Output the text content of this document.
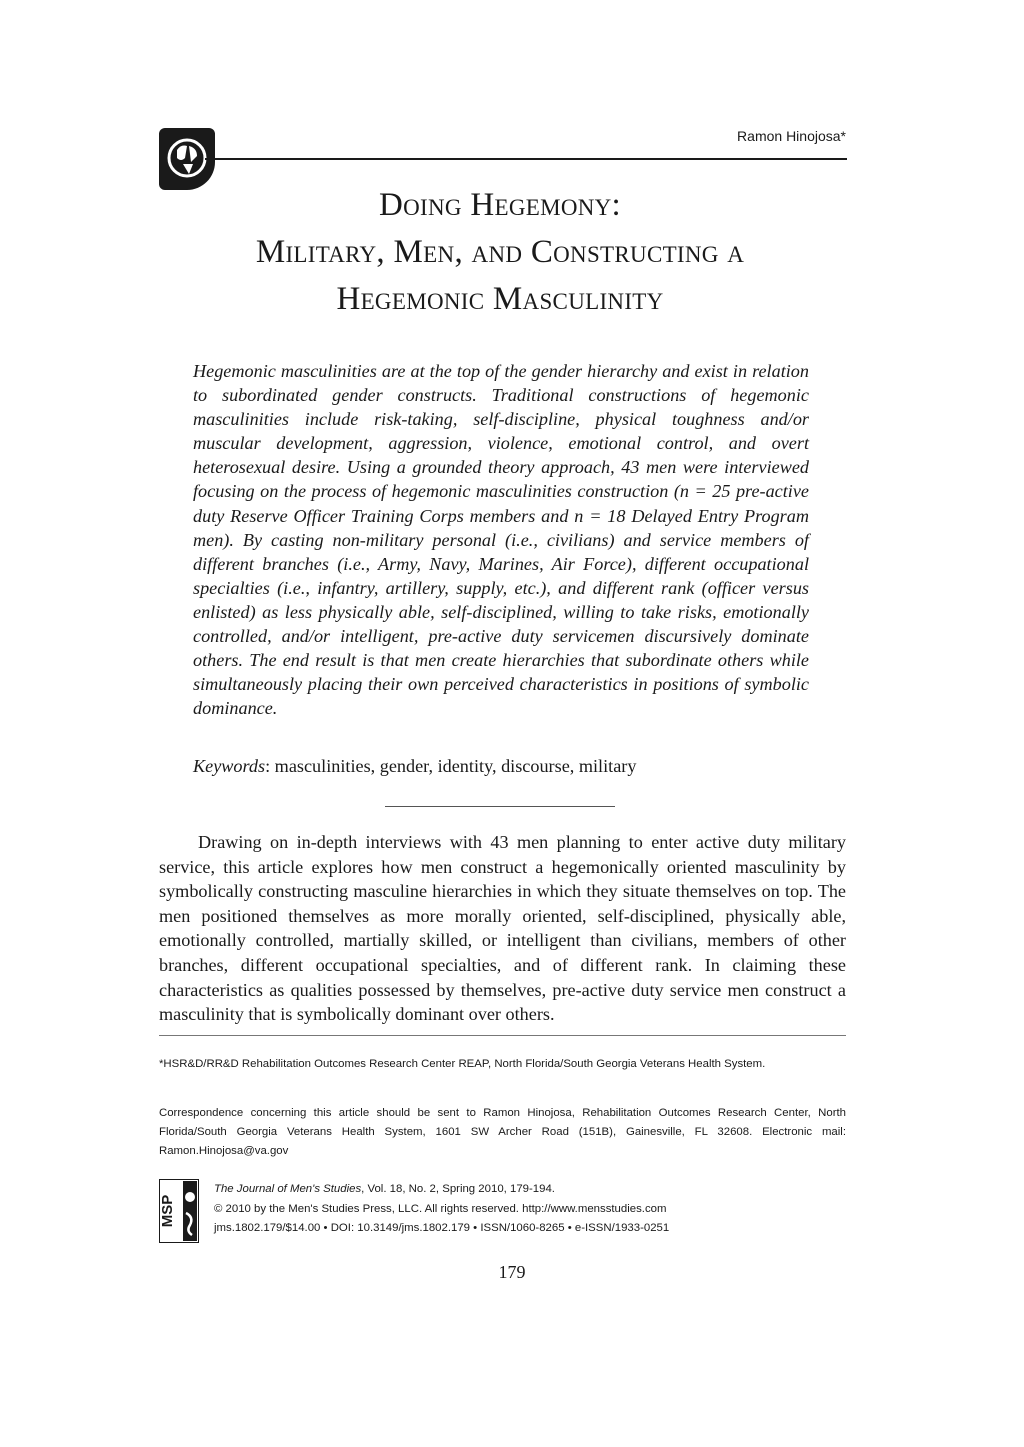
Ramon Hinojosa*
Doing Hegemony:
Military, Men, and Constructing a
Hegemonic Masculinity
Hegemonic masculinities are at the top of the gender hierarchy and exist in relation to subordinated gender constructs. Traditional constructions of hegemonic masculinities include risk-taking, self-discipline, physical toughness and/or muscular development, aggression, violence, emotional control, and overt heterosexual desire. Using a grounded theory approach, 43 men were interviewed focusing on the process of hegemonic masculinities construction (n = 25 pre-active duty Reserve Officer Training Corps members and n = 18 Delayed Entry Program men). By casting non-military personal (i.e., civilians) and service members of different branches (i.e., Army, Navy, Marines, Air Force), different occupational specialties (i.e., infantry, artillery, supply, etc.), and different rank (officer versus enlisted) as less physically able, self-disciplined, willing to take risks, emotionally controlled, and/or intelligent, pre-active duty servicemen discursively dominate others. The end result is that men create hierarchies that subordinate others while simultaneously placing their own perceived characteristics in positions of symbolic dominance.
Keywords: masculinities, gender, identity, discourse, military
Drawing on in-depth interviews with 43 men planning to enter active duty military service, this article explores how men construct a hegemonically oriented masculinity by symbolically constructing masculine hierarchies in which they situate themselves on top. The men positioned themselves as more morally oriented, self-disciplined, physically able, emotionally controlled, martially skilled, or intelligent than civilians, members of other branches, different occupational specialties, and of different rank. In claiming these characteristics as qualities possessed by themselves, pre-active duty service men construct a masculinity that is symbolically dominant over others.
*HSR&D/RR&D Rehabilitation Outcomes Research Center REAP, North Florida/South Georgia Veterans Health System.
Correspondence concerning this article should be sent to Ramon Hinojosa, Rehabilitation Outcomes Research Center, North Florida/South Georgia Veterans Health System, 1601 SW Archer Road (151B), Gainesville, FL 32608. Electronic mail: Ramon.Hinojosa@va.gov
MSP
The Journal of Men's Studies, Vol. 18, No. 2, Spring 2010, 179-194.
© 2010 by the Men's Studies Press, LLC. All rights reserved. http://www.mensstudies.com
jms.1802.179/$14.00 • DOI: 10.3149/jms.1802.179 • ISSN/1060-8265 • e-ISSN/1933-0251
179
